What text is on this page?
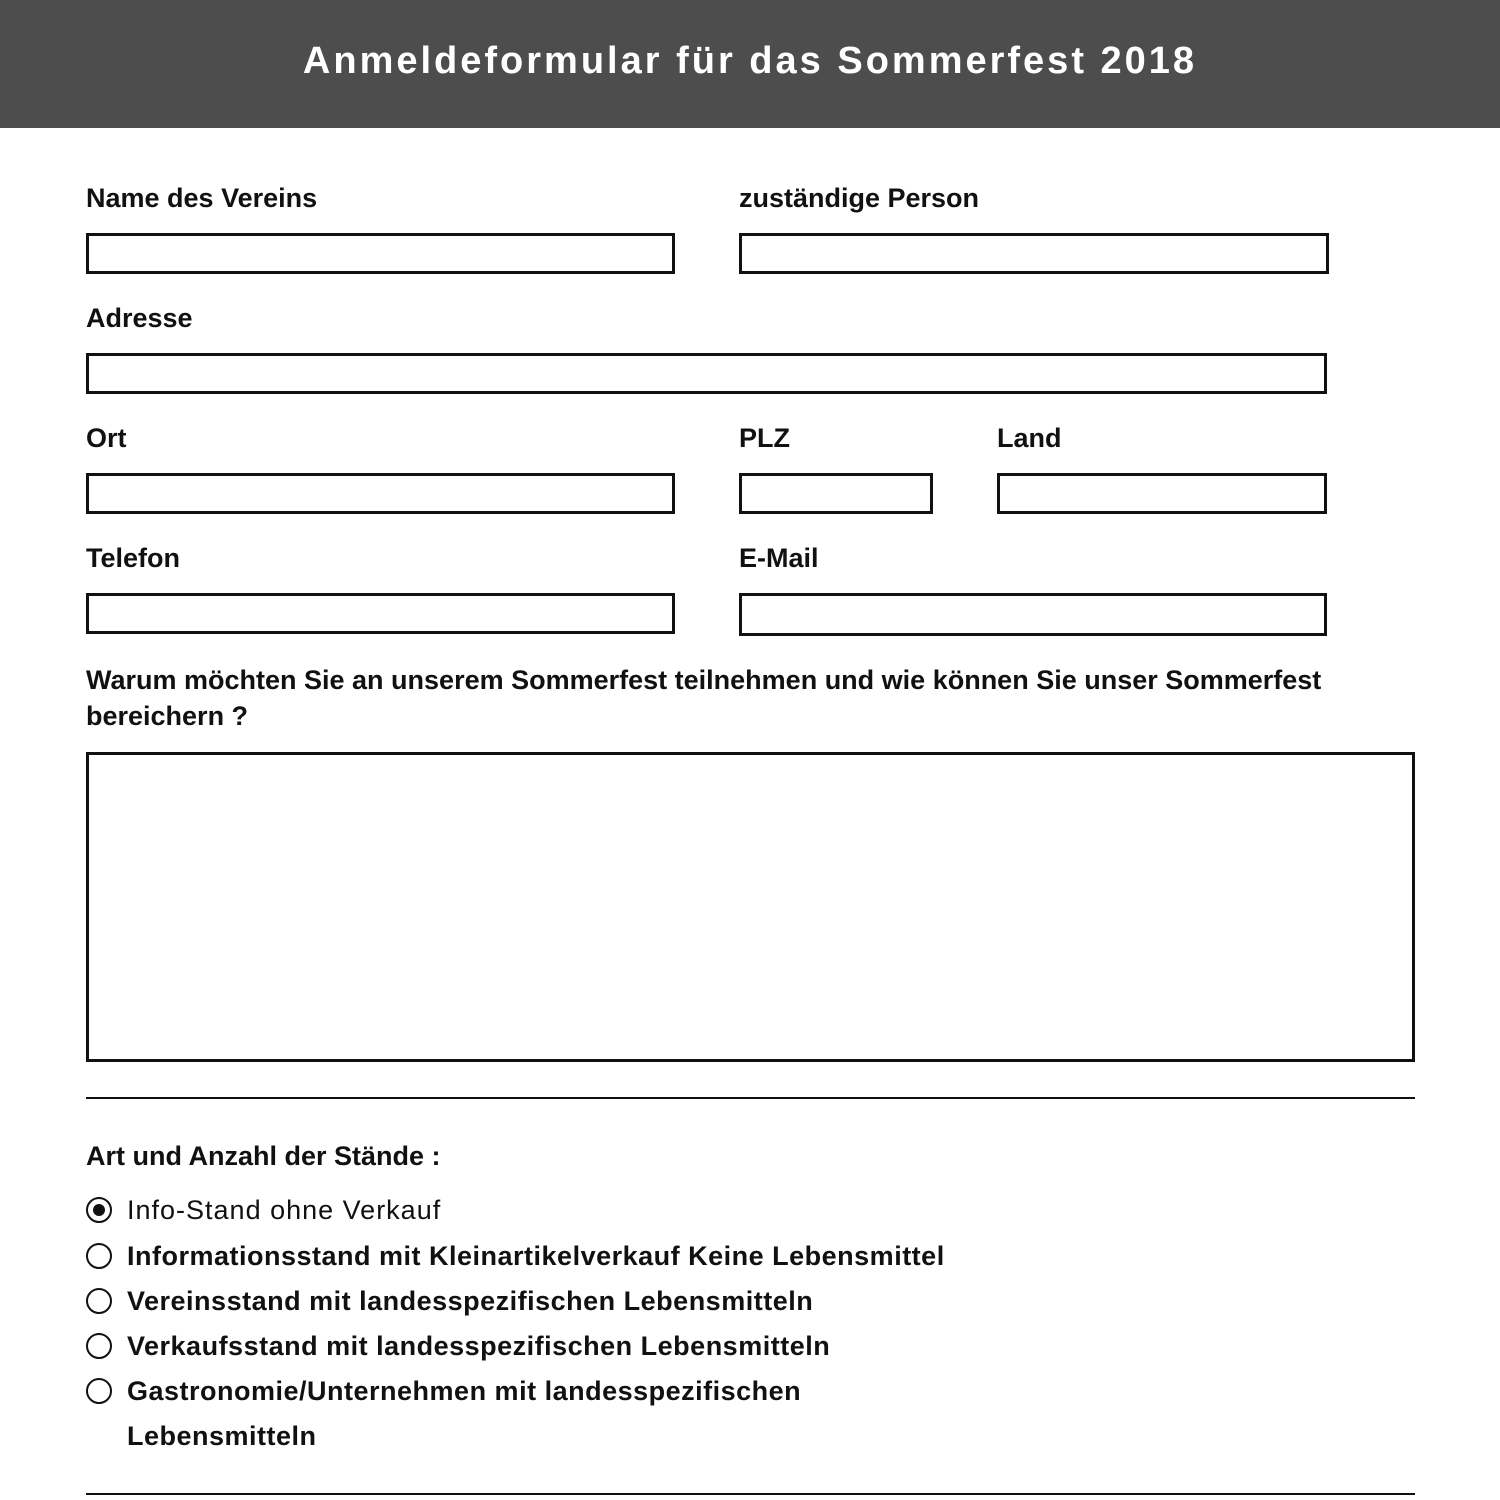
Anmeldeformular für das Sommerfest 2018
Name des Vereins	zuständige Person
Adresse
Ort	PLZ	Land
Telefon	E-Mail
Warum möchten Sie an unserem Sommerfest teilnehmen und wie können Sie unser Sommerfest bereichern ?
Art und Anzahl der Stände :
Info-Stand ohne Verkauf
Informationsstand mit Kleinartikelverkauf Keine Lebensmittel
Vereinsstand mit landesspezifischen Lebensmitteln
Verkaufsstand mit landesspezifischen Lebensmitteln
Gastronomie/Unternehmen mit landesspezifischen Lebensmitteln
